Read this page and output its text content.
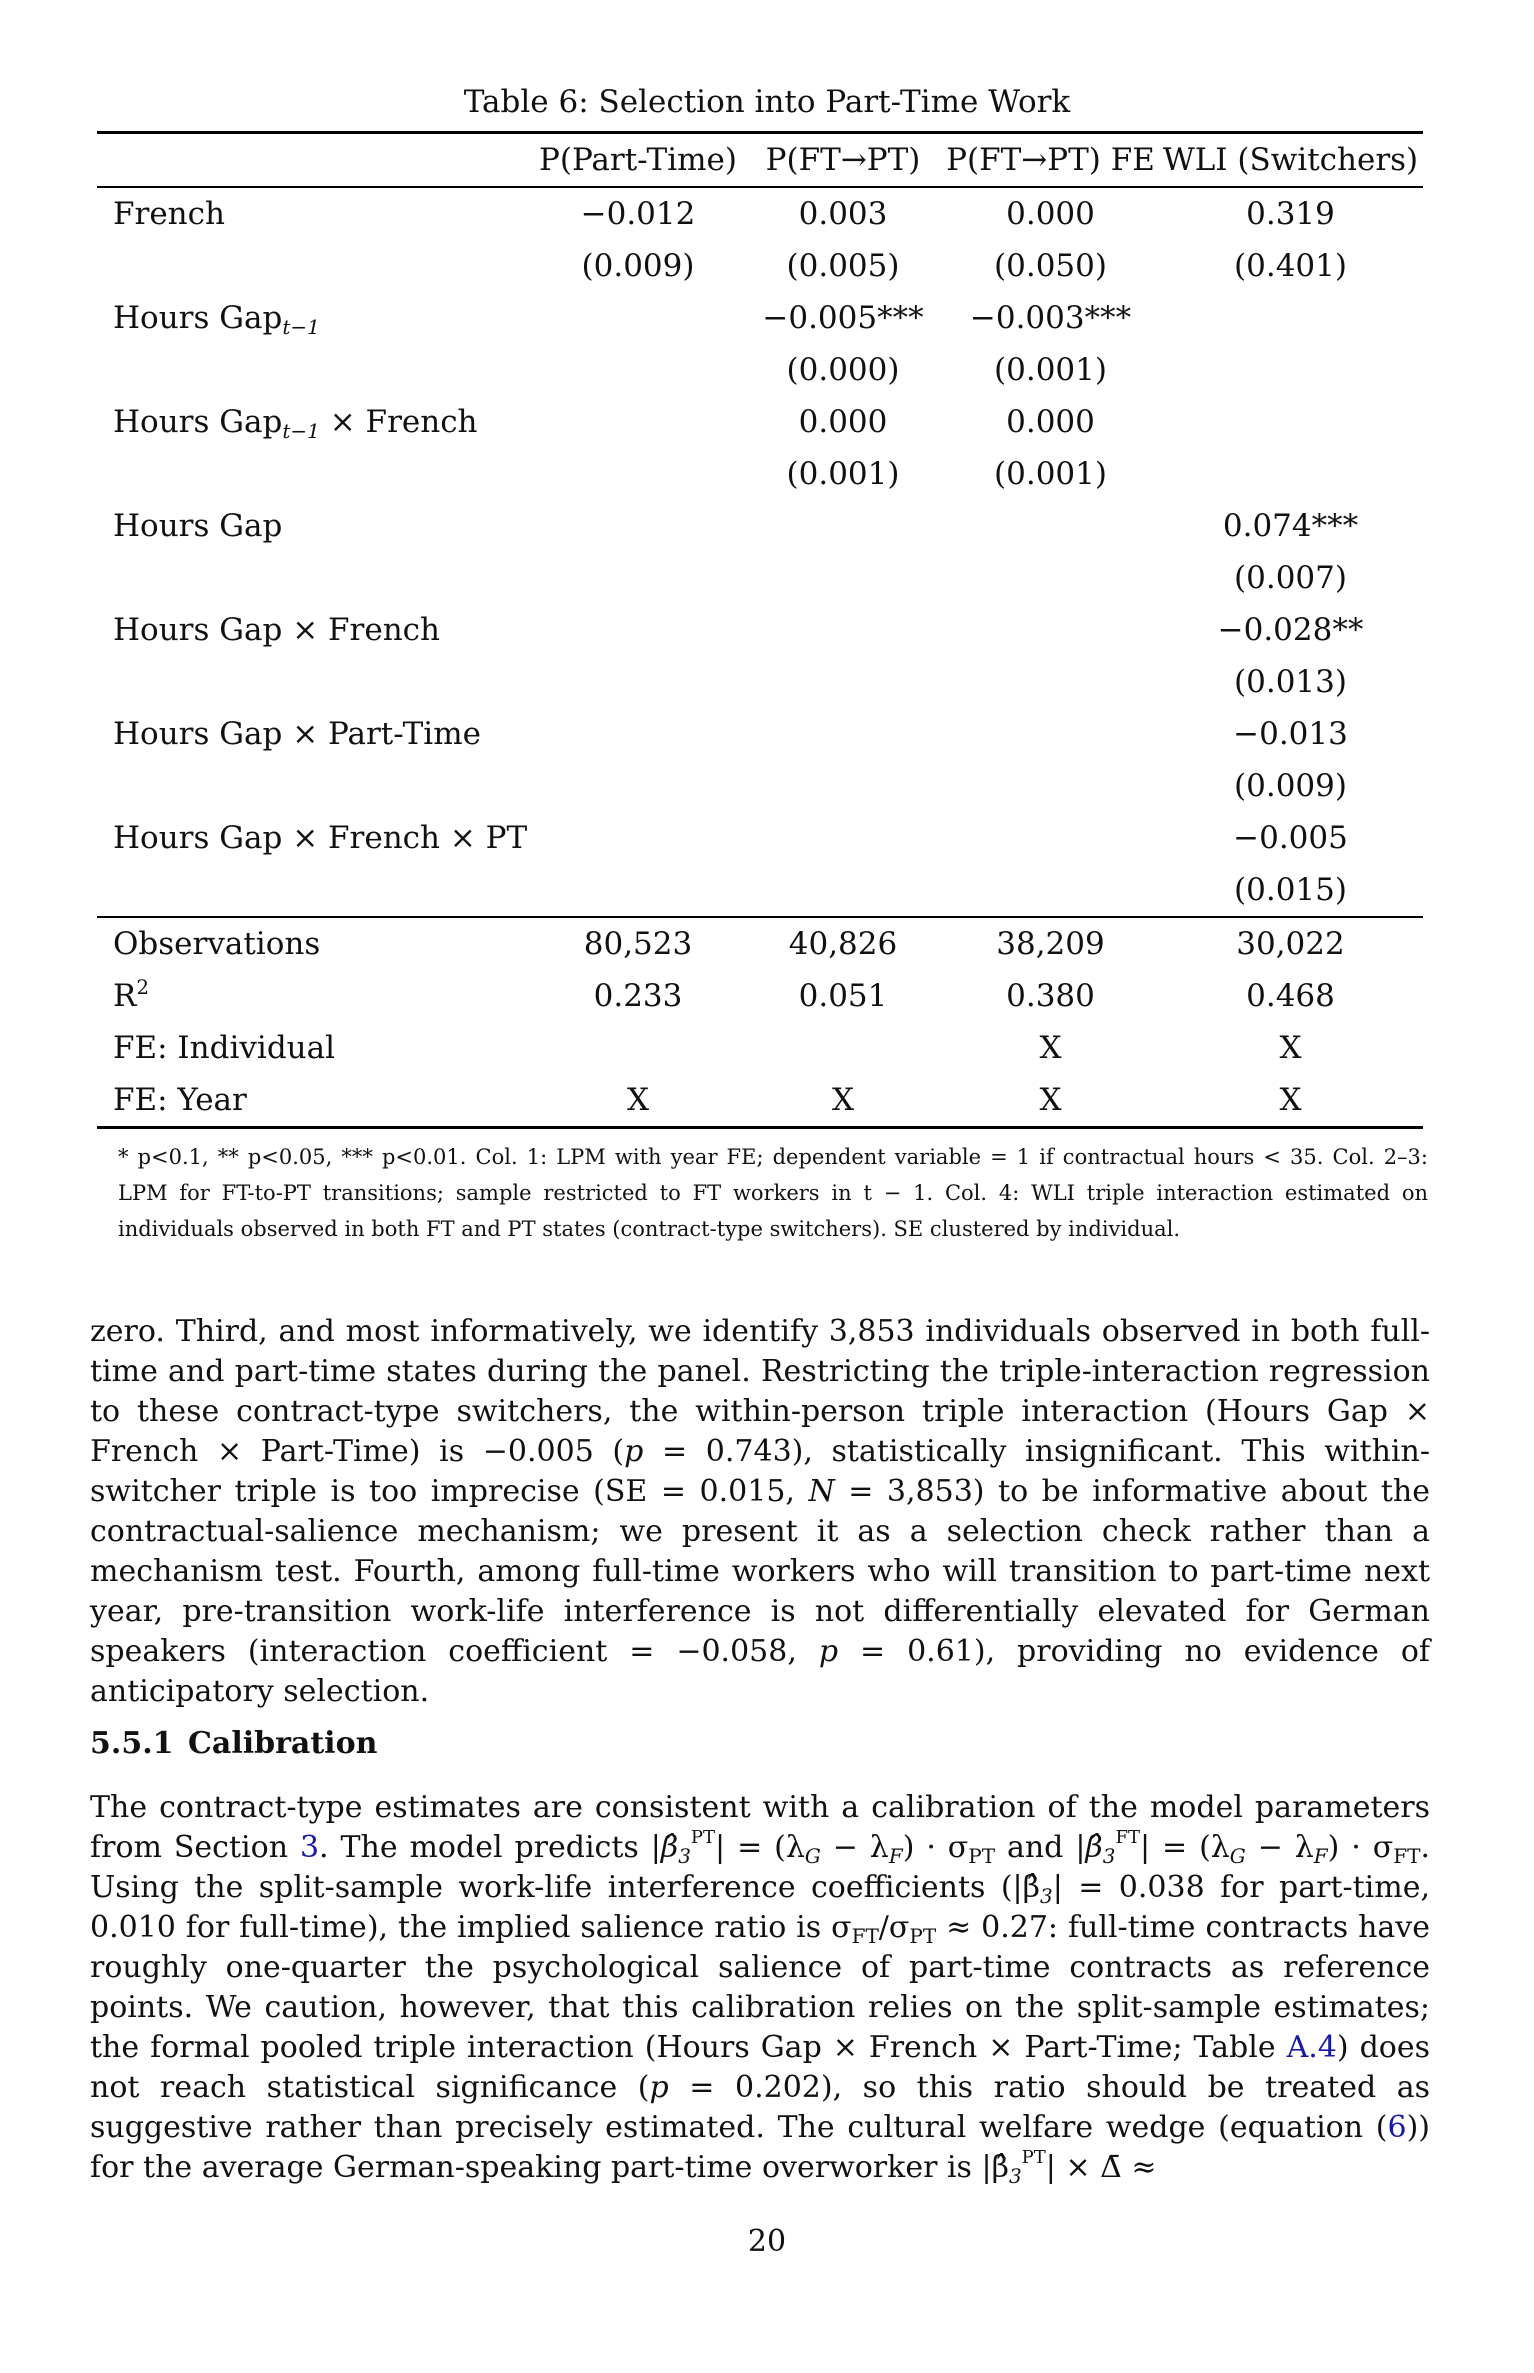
Table 6: Selection into Part-Time Work
	P(Part-Time)	P(FT→PT)	P(FT→PT) FE	WLI (Switchers)
French	−0.012	0.003	0.000	0.319
	(0.009)	(0.005)	(0.050)	(0.401)
Hours Gap$_{t-1}$		−0.005***	−0.003***	
		(0.000)	(0.001)	
Hours Gap$_{t-1}$ × French		0.000	0.000	
		(0.001)	(0.001)	
Hours Gap				0.074***
				(0.007)
Hours Gap × French				−0.028**
				(0.013)
Hours Gap × Part-Time				−0.013
				(0.009)
Hours Gap × French × PT				−0.005
				(0.015)
Observations	80,523	40,826	38,209	30,022
$R^2$	0.233	0.051	0.380	0.468
FE: Individual			X	X
FE: Year	X	X	X	X
* p<0.1, ** p<0.05, *** p<0.01. Col. 1: LPM with year FE; dependent variable = 1 if contractual hours < 35. Col. 2–3: LPM for FT-to-PT transitions; sample restricted to FT workers in t − 1. Col. 4: WLI triple interaction estimated on individuals observed in both FT and PT states (contract-type switchers). SE clustered by individual.
zero. Third, and most informatively, we identify 3,853 individuals observed in both full-time and part-time states during the panel. Restricting the triple-interaction regression to these contract-type switchers, the within-person triple interaction (Hours Gap × French × Part-Time) is −0.005 (p = 0.743), statistically insignificant. This within-switcher triple is too imprecise (SE = 0.015, N = 3,853) to be informative about the contractual-salience mechanism; we present it as a selection check rather than a mechanism test. Fourth, among full-time workers who will transition to part-time next year, pre-transition work-life interference is not differentially elevated for German speakers (interaction coefficient = −0.058, p = 0.61), providing no evidence of anticipatory selection.
5.5.1 Calibration
The contract-type estimates are consistent with a calibration of the model parameters from Section 3. The model predicts $|\betâ_3^{PT}| = (\lambda_G - \lambda_F) \cdot \sigma_{PT}$ and $|\betâ_3^{FT}| = (\lambda_G - \lambda_F) \cdot \sigma_{FT}$. Using the split-sample work-life interference coefficients ($|\betâ_3| = 0.038$ for part-time, 0.010 for full-time), the implied salience ratio is $\sigma_{FT}/\sigma_{PT} \approx 0.27$: full-time contracts have roughly one-quarter the psychological salience of part-time contracts as reference points. We caution, however, that this calibration relies on the split-sample estimates; the formal pooled triple interaction (Hours Gap × French × Part-Time; Table A.4) does not reach statistical significance (p = 0.202), so this ratio should be treated as suggestive rather than precisely estimated. The cultural welfare wedge (equation (6)) for the average German-speaking part-time overworker is $|\betâ_3^{PT}|$ × Δ̄ ≈
20
